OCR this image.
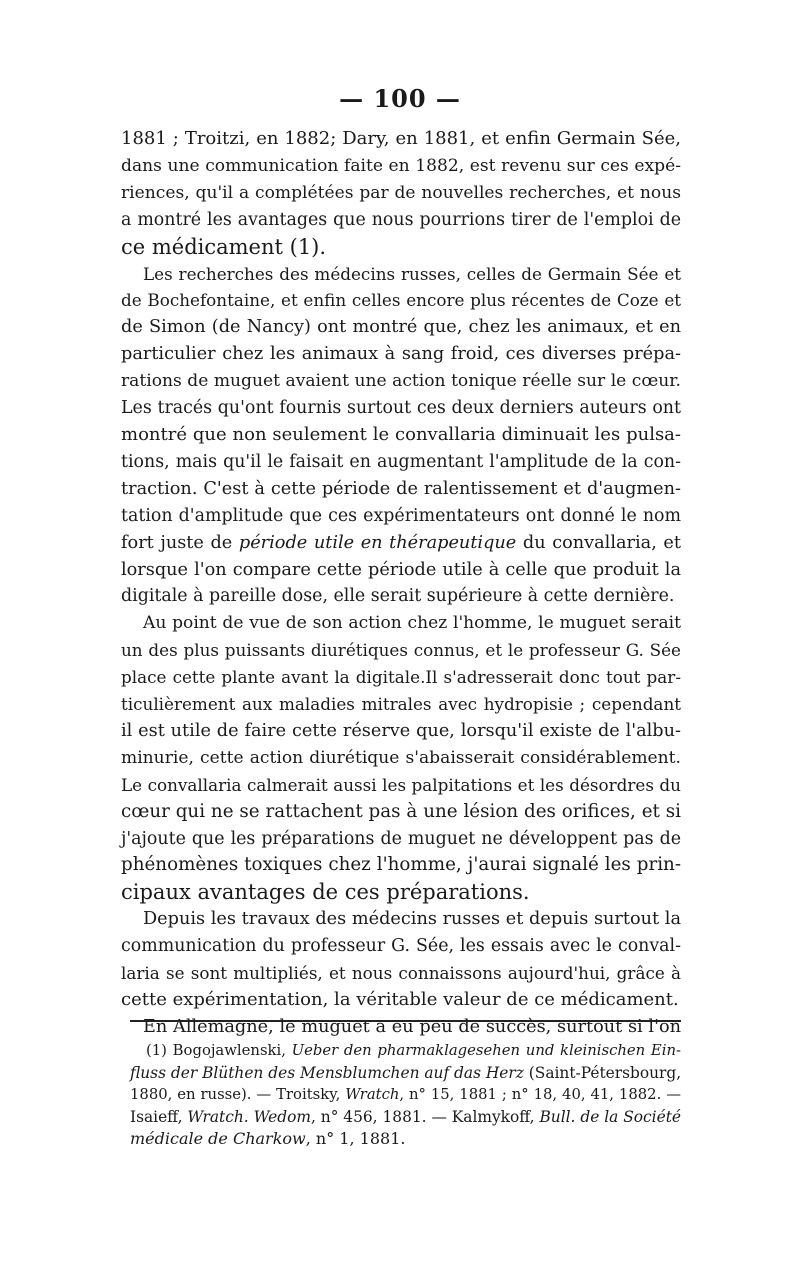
— 100 —
1881 ; Troitzi, en 1882; Dary, en 1881, et enfin Germain Sée,
dans une communication faite en 1882, est revenu sur ces expé-
riences, qu'il a complétées par de nouvelles recherches, et nous
a montré les avantages que nous pourrions tirer de l'emploi de
ce médicament (1).
Les recherches des médecins russes, celles de Germain Sée et
de Bochefontaine, et enfin celles encore plus récentes de Coze et
de Simon (de Nancy) ont montré que, chez les animaux, et en
particulier chez les animaux à sang froid, ces diverses prépa-
rations de muguet avaient une action tonique réelle sur le cœur.
Les tracés qu'ont fournis surtout ces deux derniers auteurs ont
montré que non seulement le convallaria diminuait les pulsa-
tions, mais qu'il le faisait en augmentant l'amplitude de la con-
traction. C'est à cette période de ralentissement et d'augmen-
tation d'amplitude que ces expérimentateurs ont donné le nom
fort juste de période utile en thérapeutique du convallaria, et
lorsque l'on compare cette période utile à celle que produit la
digitale à pareille dose, elle serait supérieure à cette dernière.
Au point de vue de son action chez l'homme, le muguet serait
un des plus puissants diurétiques connus, et le professeur G. Sée
place cette plante avant la digitale.Il s'adresserait donc tout par-
ticulièrement aux maladies mitrales avec hydropisie ; cependant
il est utile de faire cette réserve que, lorsqu'il existe de l'albu-
minurie, cette action diurétique s'abaisserait considérablement.
Le convallaria calmerait aussi les palpitations et les désordres du
cœur qui ne se rattachent pas à une lésion des orifices, et si
j'ajoute que les préparations de muguet ne développent pas de
phénomènes toxiques chez l'homme, j'aurai signalé les prin-
cipaux avantages de ces préparations.
Depuis les travaux des médecins russes et depuis surtout la
communication du professeur G. Sée, les essais avec le conval-
laria se sont multipliés, et nous connaissons aujourd'hui, grâce à
cette expérimentation, la véritable valeur de ce médicament.
En Allemagne, le muguet a eu peu de succès, surtout si l'on
(1) Bogojawlenski, Ueber den pharmaklagesehen und kleinischen Ein-
fluss der Blüthen des Mensblumchen auf das Herz (Saint-Pétersbourg,
1880, en russe). — Troitsky, Wratch, n° 15, 1881 ; n° 18, 40, 41, 1882. —
Isaieff, Wratch. Wedom, n° 456, 1881. — Kalmykoff, Bull. de la Société
médicale de Charkow, n° 1, 1881.
